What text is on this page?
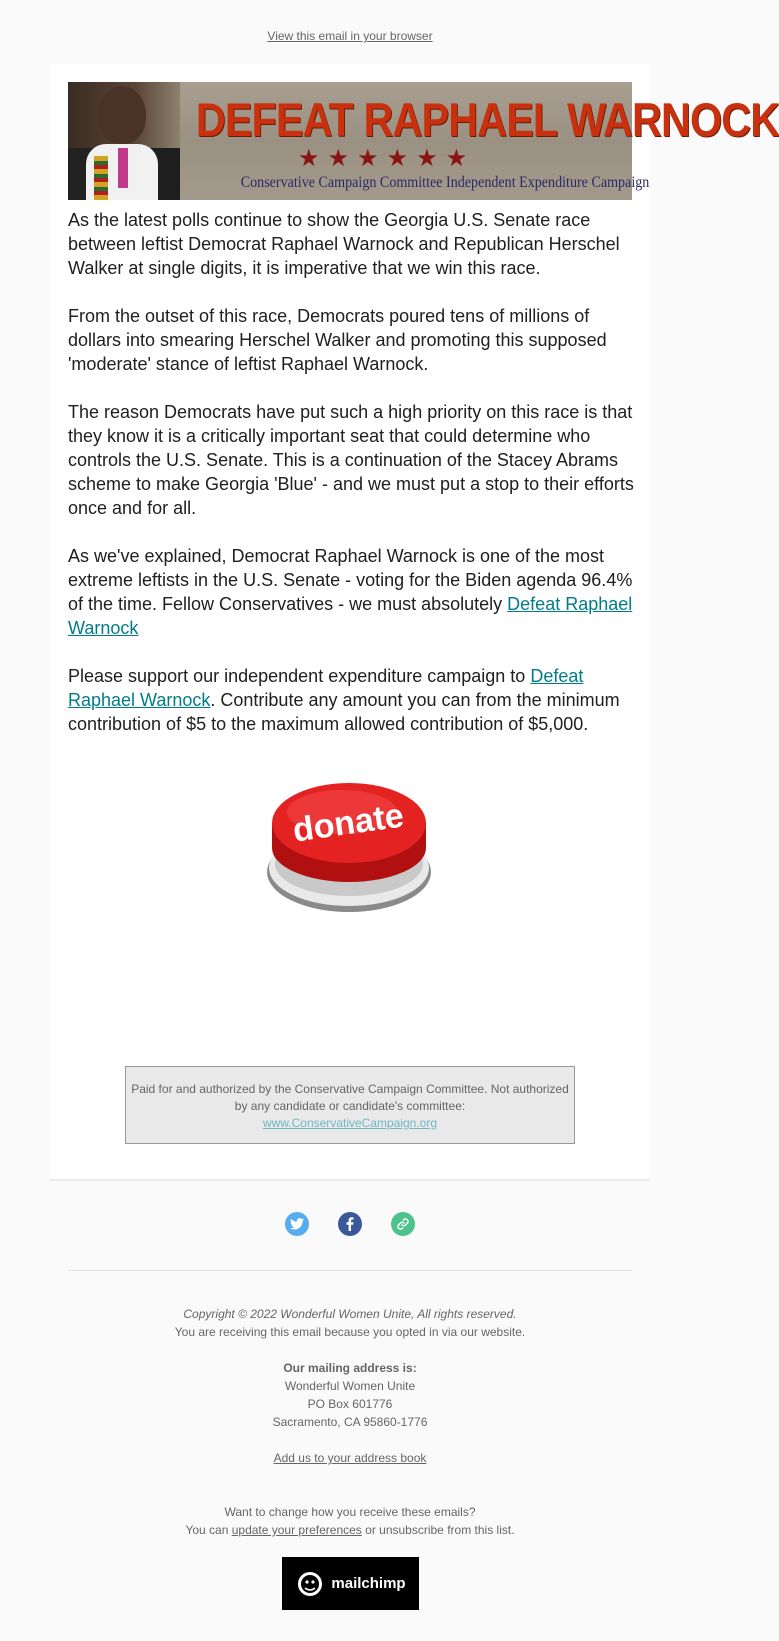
View this email in your browser
DEFEAT RAPHAEL WARNOCK
★★★★★★
Conservative Campaign Committee Independent Expenditure Campaign

As the latest polls continue to show the Georgia U.S. Senate race between leftist Democrat Raphael Warnock and Republican Herschel Walker at single digits, it is imperative that we win this race.

From the outset of this race, Democrats poured tens of millions of dollars into smearing Herschel Walker and promoting this supposed 'moderate' stance of leftist Raphael Warnock.

The reason Democrats have put such a high priority on this race is that they know it is a critically important seat that could determine who controls the U.S. Senate. This is a continuation of the Stacey Abrams scheme to make Georgia 'Blue' - and we must put a stop to their efforts once and for all.

As we've explained, Democrat Raphael Warnock is one of the most extreme leftists in the U.S. Senate - voting for the Biden agenda 96.4% of the time. Fellow Conservatives - we must absolutely Defeat Raphael Warnock

Please support our independent expenditure campaign to Defeat Raphael Warnock. Contribute any amount you can from the minimum contribution of $5 to the maximum allowed contribution of $5,000.

donate
Paid for and authorized by the Conservative Campaign Committee. Not authorized by any candidate or candidate's committee:
www.ConservativeCampaign.org
Copyright © 2022 Wonderful Women Unite, All rights reserved.
You are receiving this email because you opted in via our website.

Our mailing address is:
Wonderful Women Unite
PO Box 601776
Sacramento, CA 95860-1776

Add us to your address book

Want to change how you receive these emails?
You can update your preferences or unsubscribe from this list.
mailchimp
